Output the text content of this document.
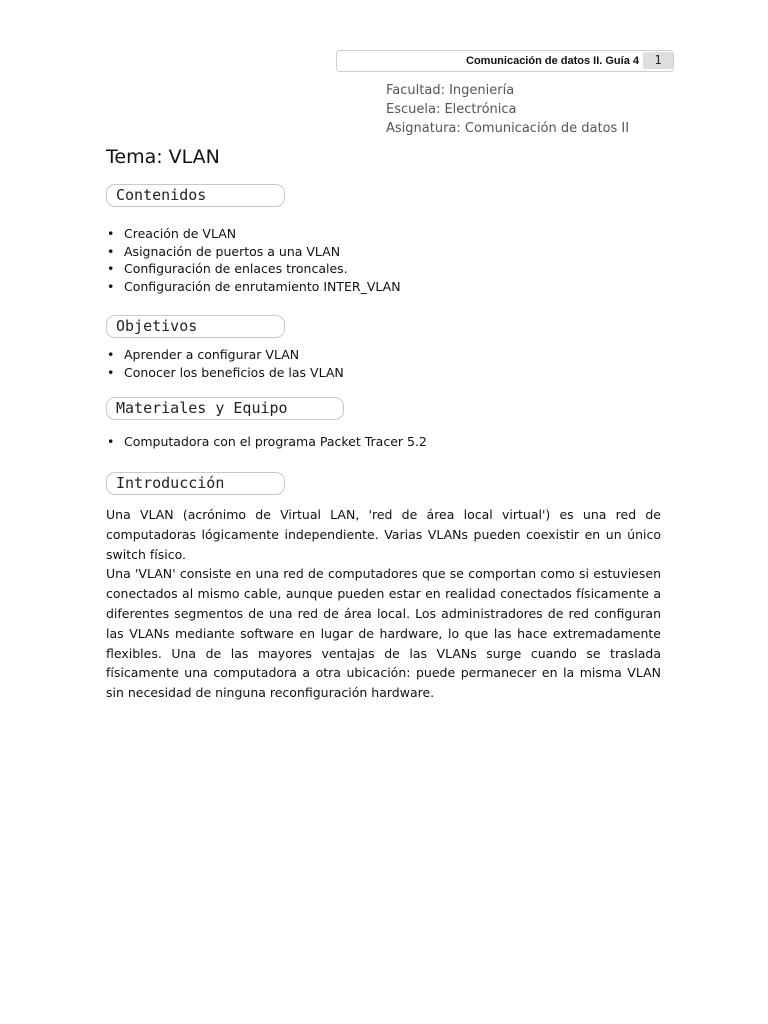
Comunicación de datos II. Guía 4	1
Facultad: Ingeniería
Escuela: Electrónica
Asignatura: Comunicación de datos II
Tema: VLAN
Contenidos
• Creación de VLAN
• Asignación de puertos a una VLAN
• Configuración de enlaces troncales.
• Configuración de enrutamiento INTER_VLAN
Objetivos
• Aprender a configurar VLAN
• Conocer los beneficios de las VLAN
Materiales y Equipo
• Computadora con el programa Packet Tracer 5.2
Introducción

Una VLAN (acrónimo de Virtual LAN, 'red de área local virtual') es una red de computadoras lógicamente independiente. Varias VLANs pueden coexistir en un único switch físico.

Una 'VLAN' consiste en una red de computadores que se comportan como si estuviesen conectados al mismo cable, aunque pueden estar en realidad conectados físicamente a diferentes segmentos de una red de área local. Los administradores de red configuran las VLANs mediante software en lugar de hardware, lo que las hace extremadamente flexibles. Una de las mayores ventajas de las VLANs surge cuando se traslada físicamente una computadora a otra ubicación: puede permanecer en la misma VLAN sin necesidad de ninguna reconfiguración hardware.
